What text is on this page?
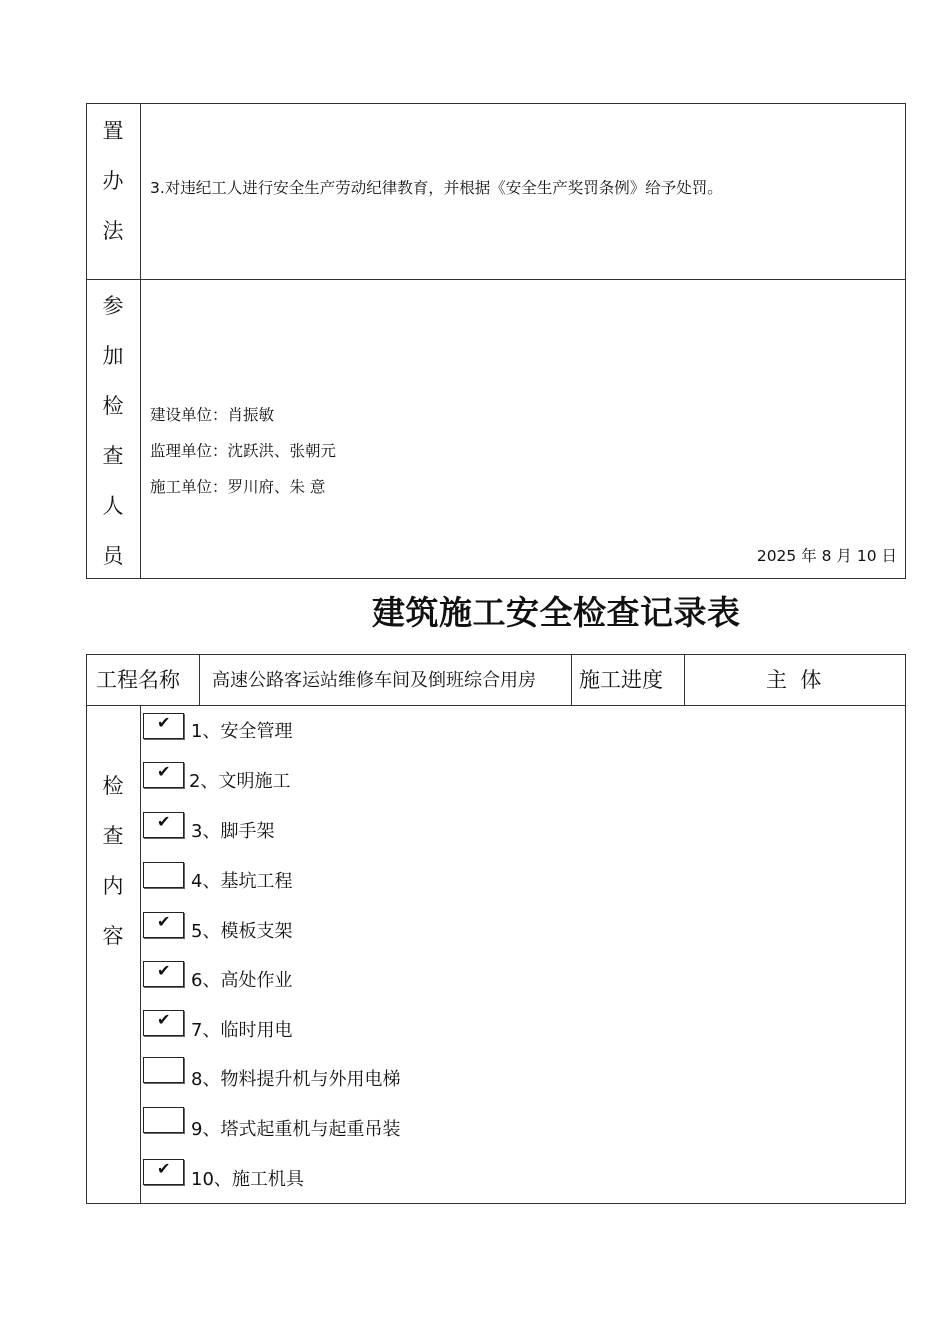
置
办
法
3.对违纪工人进行安全生产劳动纪律教育，并根据《安全生产奖罚条例》给予处罚。
参
加
检
查
人
员
建设单位：肖振敏
监理单位：沈跃洪、张朝元
施工单位：罗川府、朱 意
2025 年 8 月 10 日
建筑施工安全检查记录表
工程名称 高速公路客运站维修车间及倒班综合用房 施工进度	主  体
检
查
内
容
✔ 1、安全管理
✔ 2、文明施工
✔ 3、脚手架
4、基坑工程
✔ 5、模板支架
✔ 6、高处作业
✔
7、临时用电
8、物料提升机与外用电梯
9、塔式起重机与起重吊装
✔
10、施工机具
